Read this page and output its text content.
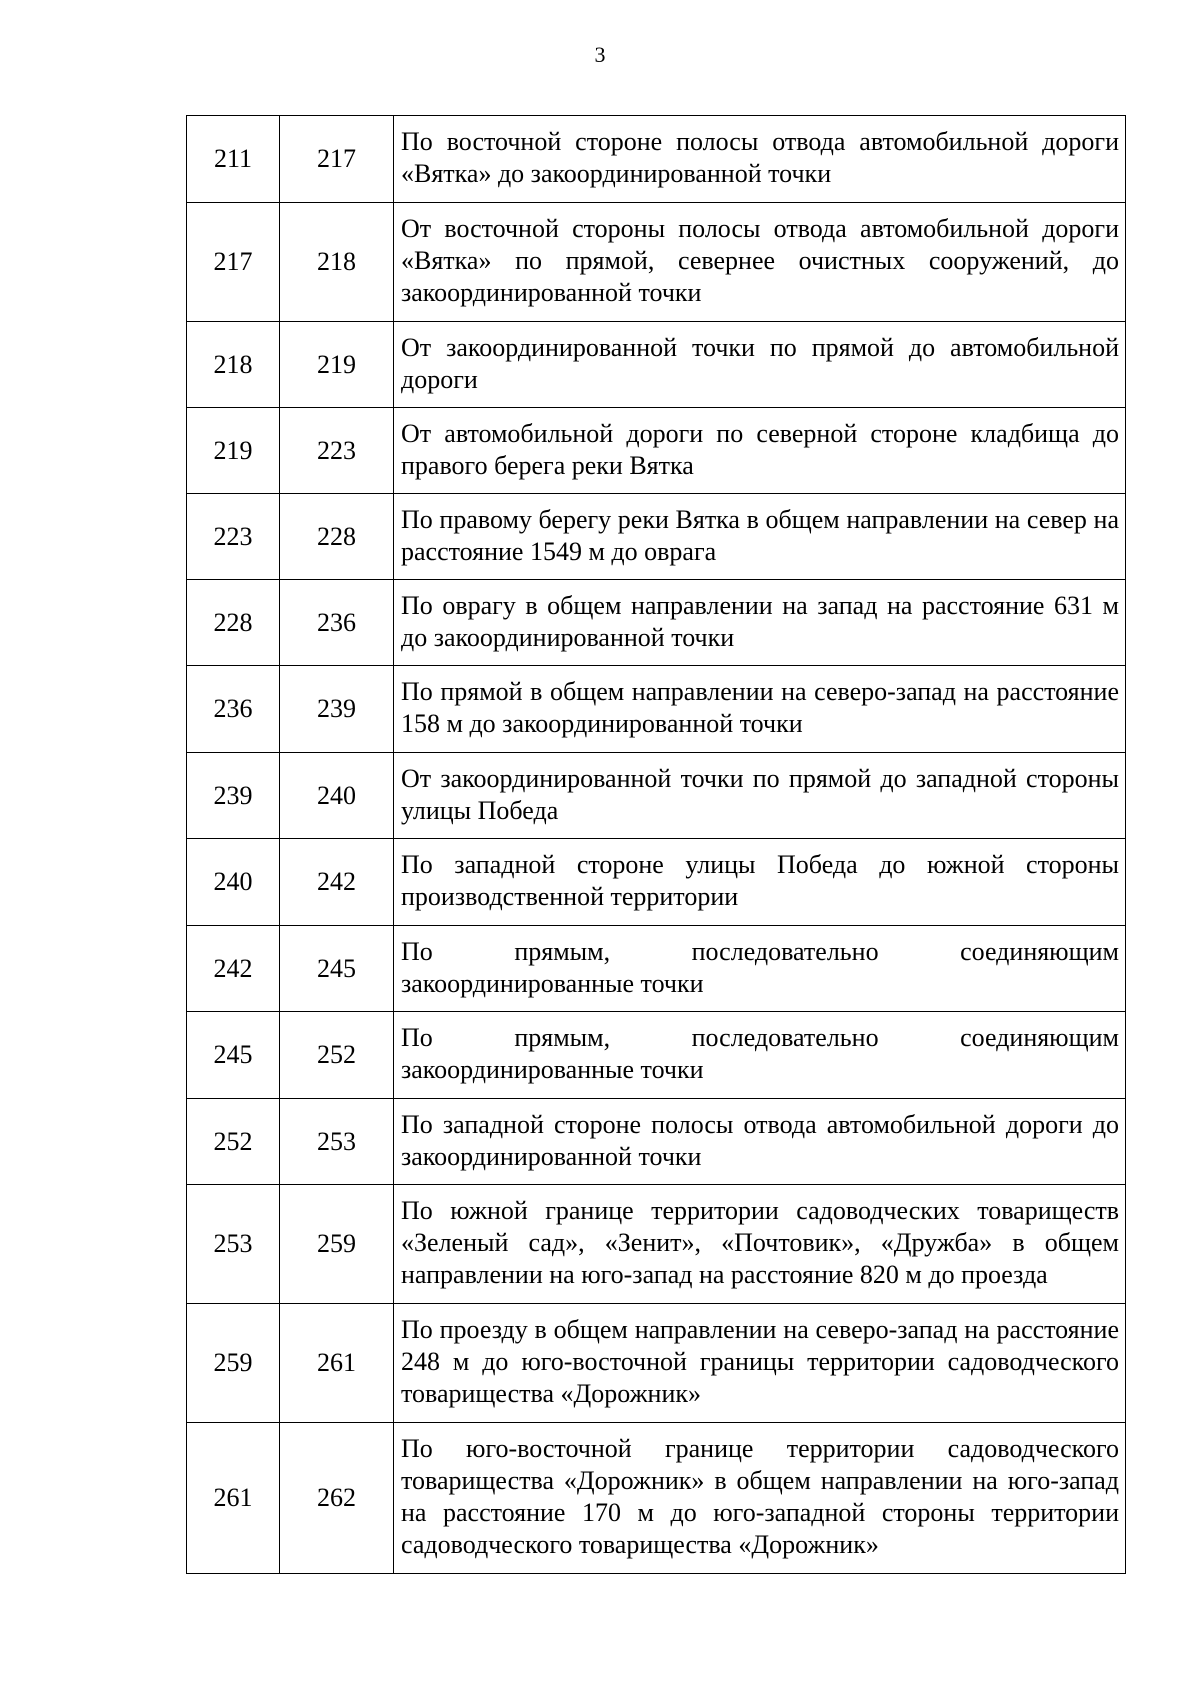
3
211	217	По восточной стороне полосы отвода автомобильной дороги «Вятка» до закоординированной точки
217	218	От восточной стороны полосы отвода автомобильной дороги «Вятка» по прямой, севернее очистных сооружений, до закоординированной точки
218	219	От закоординированной точки по прямой до автомобильной дороги
219	223	От автомобильной дороги по северной стороне кладбища до правого берега реки Вятка
223	228	По правому берегу реки Вятка в общем направлении на север на расстояние 1549 м до оврага
228	236	По оврагу в общем направлении на запад на расстояние 631 м до закоординированной точки
236	239	По прямой в общем направлении на северо-запад на расстояние 158 м до закоординированной точки
239	240	От закоординированной точки по прямой до западной стороны улицы Победа
240	242	По западной стороне улицы Победа до южной стороны производственной территории
242	245	По прямым, последовательно соединяющим закоординированные точки
245	252	По прямым, последовательно соединяющим закоординированные точки
252	253	По западной стороне полосы отвода автомобильной дороги до закоординированной точки
253	259	По южной границе территории садоводческих товариществ «Зеленый сад», «Зенит», «Почтовик», «Дружба» в общем направлении на юго-запад на расстояние 820 м до проезда
259	261	По проезду в общем направлении на северо-запад на расстояние 248 м до юго-восточной границы территории садоводческого товарищества «Дорожник»
261	262	По юго-восточной границе территории садоводческого товарищества «Дорожник» в общем направлении на юго-запад на расстояние 170 м до юго-западной стороны территории садоводческого товарищества «Дорожник»
